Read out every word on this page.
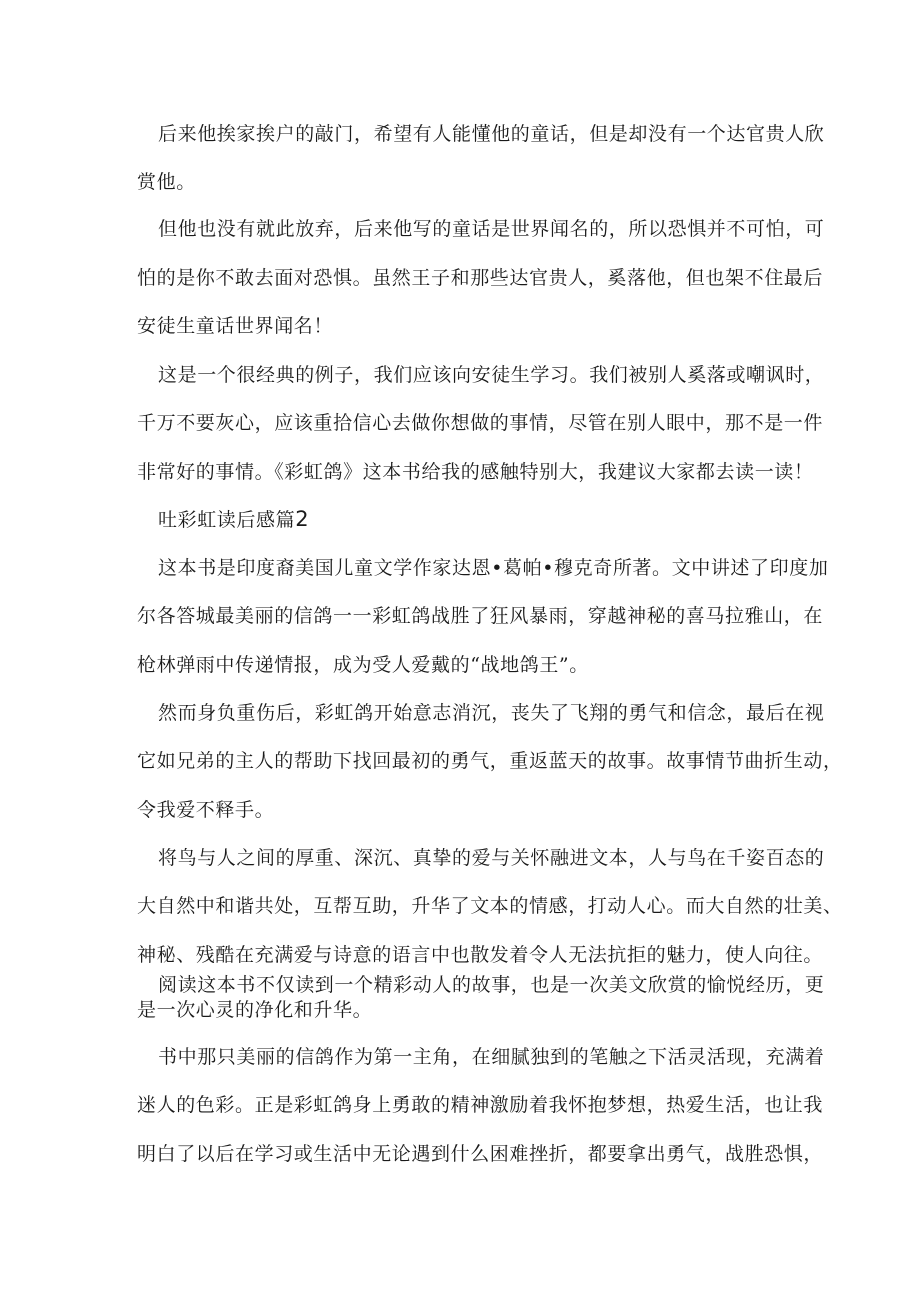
后来他挨家挨户的敲门，希望有人能懂他的童话，但是却没有一个达官贵人欣
赏他。
但他也没有就此放弃，后来他写的童话是世界闻名的，所以恐惧并不可怕，可
怕的是你不敢去面对恐惧。虽然王子和那些达官贵人，奚落他，但也架不住最后
安徒生童话世界闻名！
这是一个很经典的例子，我们应该向安徒生学习。我们被别人奚落或嘲讽时，
千万不要灰心，应该重拾信心去做你想做的事情，尽管在别人眼中，那不是一件
非常好的事情。《彩虹鸽》这本书给我的感触特别大，我建议大家都去读一读！
吐彩虹读后感篇2
这本书是印度裔美国儿童文学作家达恩•葛帕•穆克奇所著。文中讲述了印度加
尔各答城最美丽的信鸽一一彩虹鸽战胜了狂风暴雨，穿越神秘的喜马拉雅山，在
枪林弹雨中传递情报，成为受人爱戴的“战地鸽王”。
然而身负重伤后，彩虹鸽开始意志消沉，丧失了飞翔的勇气和信念，最后在视
它如兄弟的主人的帮助下找回最初的勇气，重返蓝天的故事。故事情节曲折生动，
令我爱不释手。
将鸟与人之间的厚重、深沉、真挚的爱与关怀融进文本，人与鸟在千姿百态的
大自然中和谐共处，互帮互助，升华了文本的情感，打动人心。而大自然的壮美、
神秘、残酷在充满爱与诗意的语言中也散发着令人无法抗拒的魅力，使人向往。
阅读这本书不仅读到一个精彩动人的故事，也是一次美文欣赏的愉悦经历，更
是一次心灵的净化和升华。
书中那只美丽的信鸽作为第一主角，在细腻独到的笔触之下活灵活现，充满着
迷人的色彩。正是彩虹鸽身上勇敢的精神激励着我怀抱梦想，热爱生活，也让我
明白了以后在学习或生活中无论遇到什么困难挫折，都要拿出勇气，战胜恐惧，
